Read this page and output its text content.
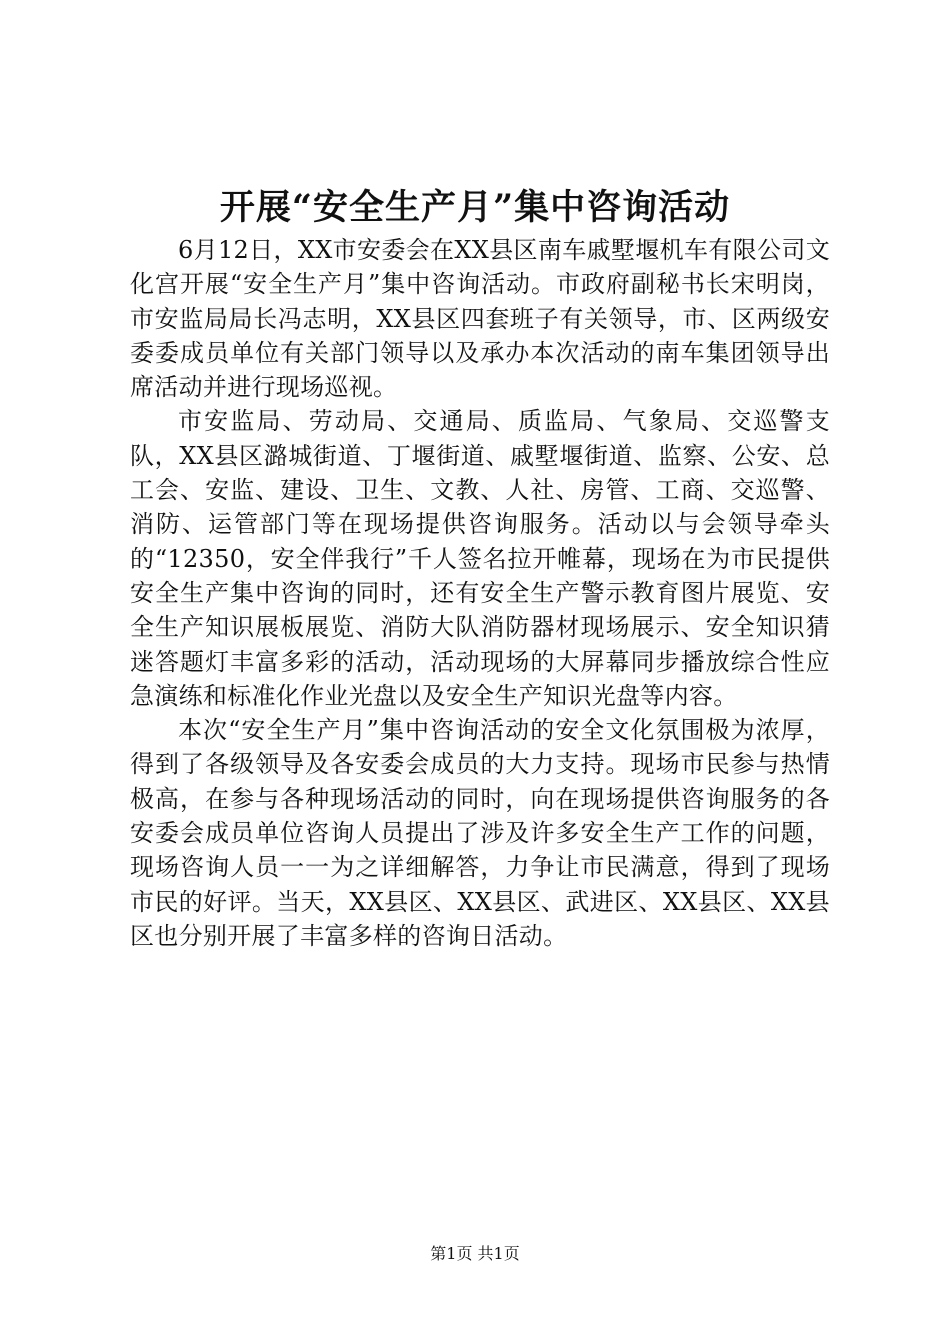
开展“安全生产月”集中咨询活动

6月12日，XX市安委会在XX县区南车戚墅堰机车有限公司文化宫开展“安全生产月”集中咨询活动。市政府副秘书长宋明岗，市安监局局长冯志明，XX县区四套班子有关领导，市、区两级安委委成员单位有关部门领导以及承办本次活动的南车集团领导出席活动并进行现场巡视。

市安监局、劳动局、交通局、质监局、气象局、交巡警支队，XX县区潞城街道、丁堰街道、戚墅堰街道、监察、公安、总工会、安监、建设、卫生、文教、人社、房管、工商、交巡警、消防、运管部门等在现场提供咨询服务。活动以与会领导牵头的“12350，安全伴我行”千人签名拉开帷幕，现场在为市民提供安全生产集中咨询的同时，还有安全生产警示教育图片展览、安全生产知识展板展览、消防大队消防器材现场展示、安全知识猜迷答题灯丰富多彩的活动，活动现场的大屏幕同步播放综合性应急演练和标准化作业光盘以及安全生产知识光盘等内容。

本次“安全生产月”集中咨询活动的安全文化氛围极为浓厚，得到了各级领导及各安委会成员的大力支持。现场市民参与热情极高，在参与各种现场活动的同时，向在现场提供咨询服务的各安委会成员单位咨询人员提出了涉及许多安全生产工作的问题，现场咨询人员一一为之详细解答，力争让市民满意，得到了现场市民的好评。当天，XX县区、XX县区、武进区、XX县区、XX县区也分别开展了丰富多样的咨询日活动。

第1页 共1页
